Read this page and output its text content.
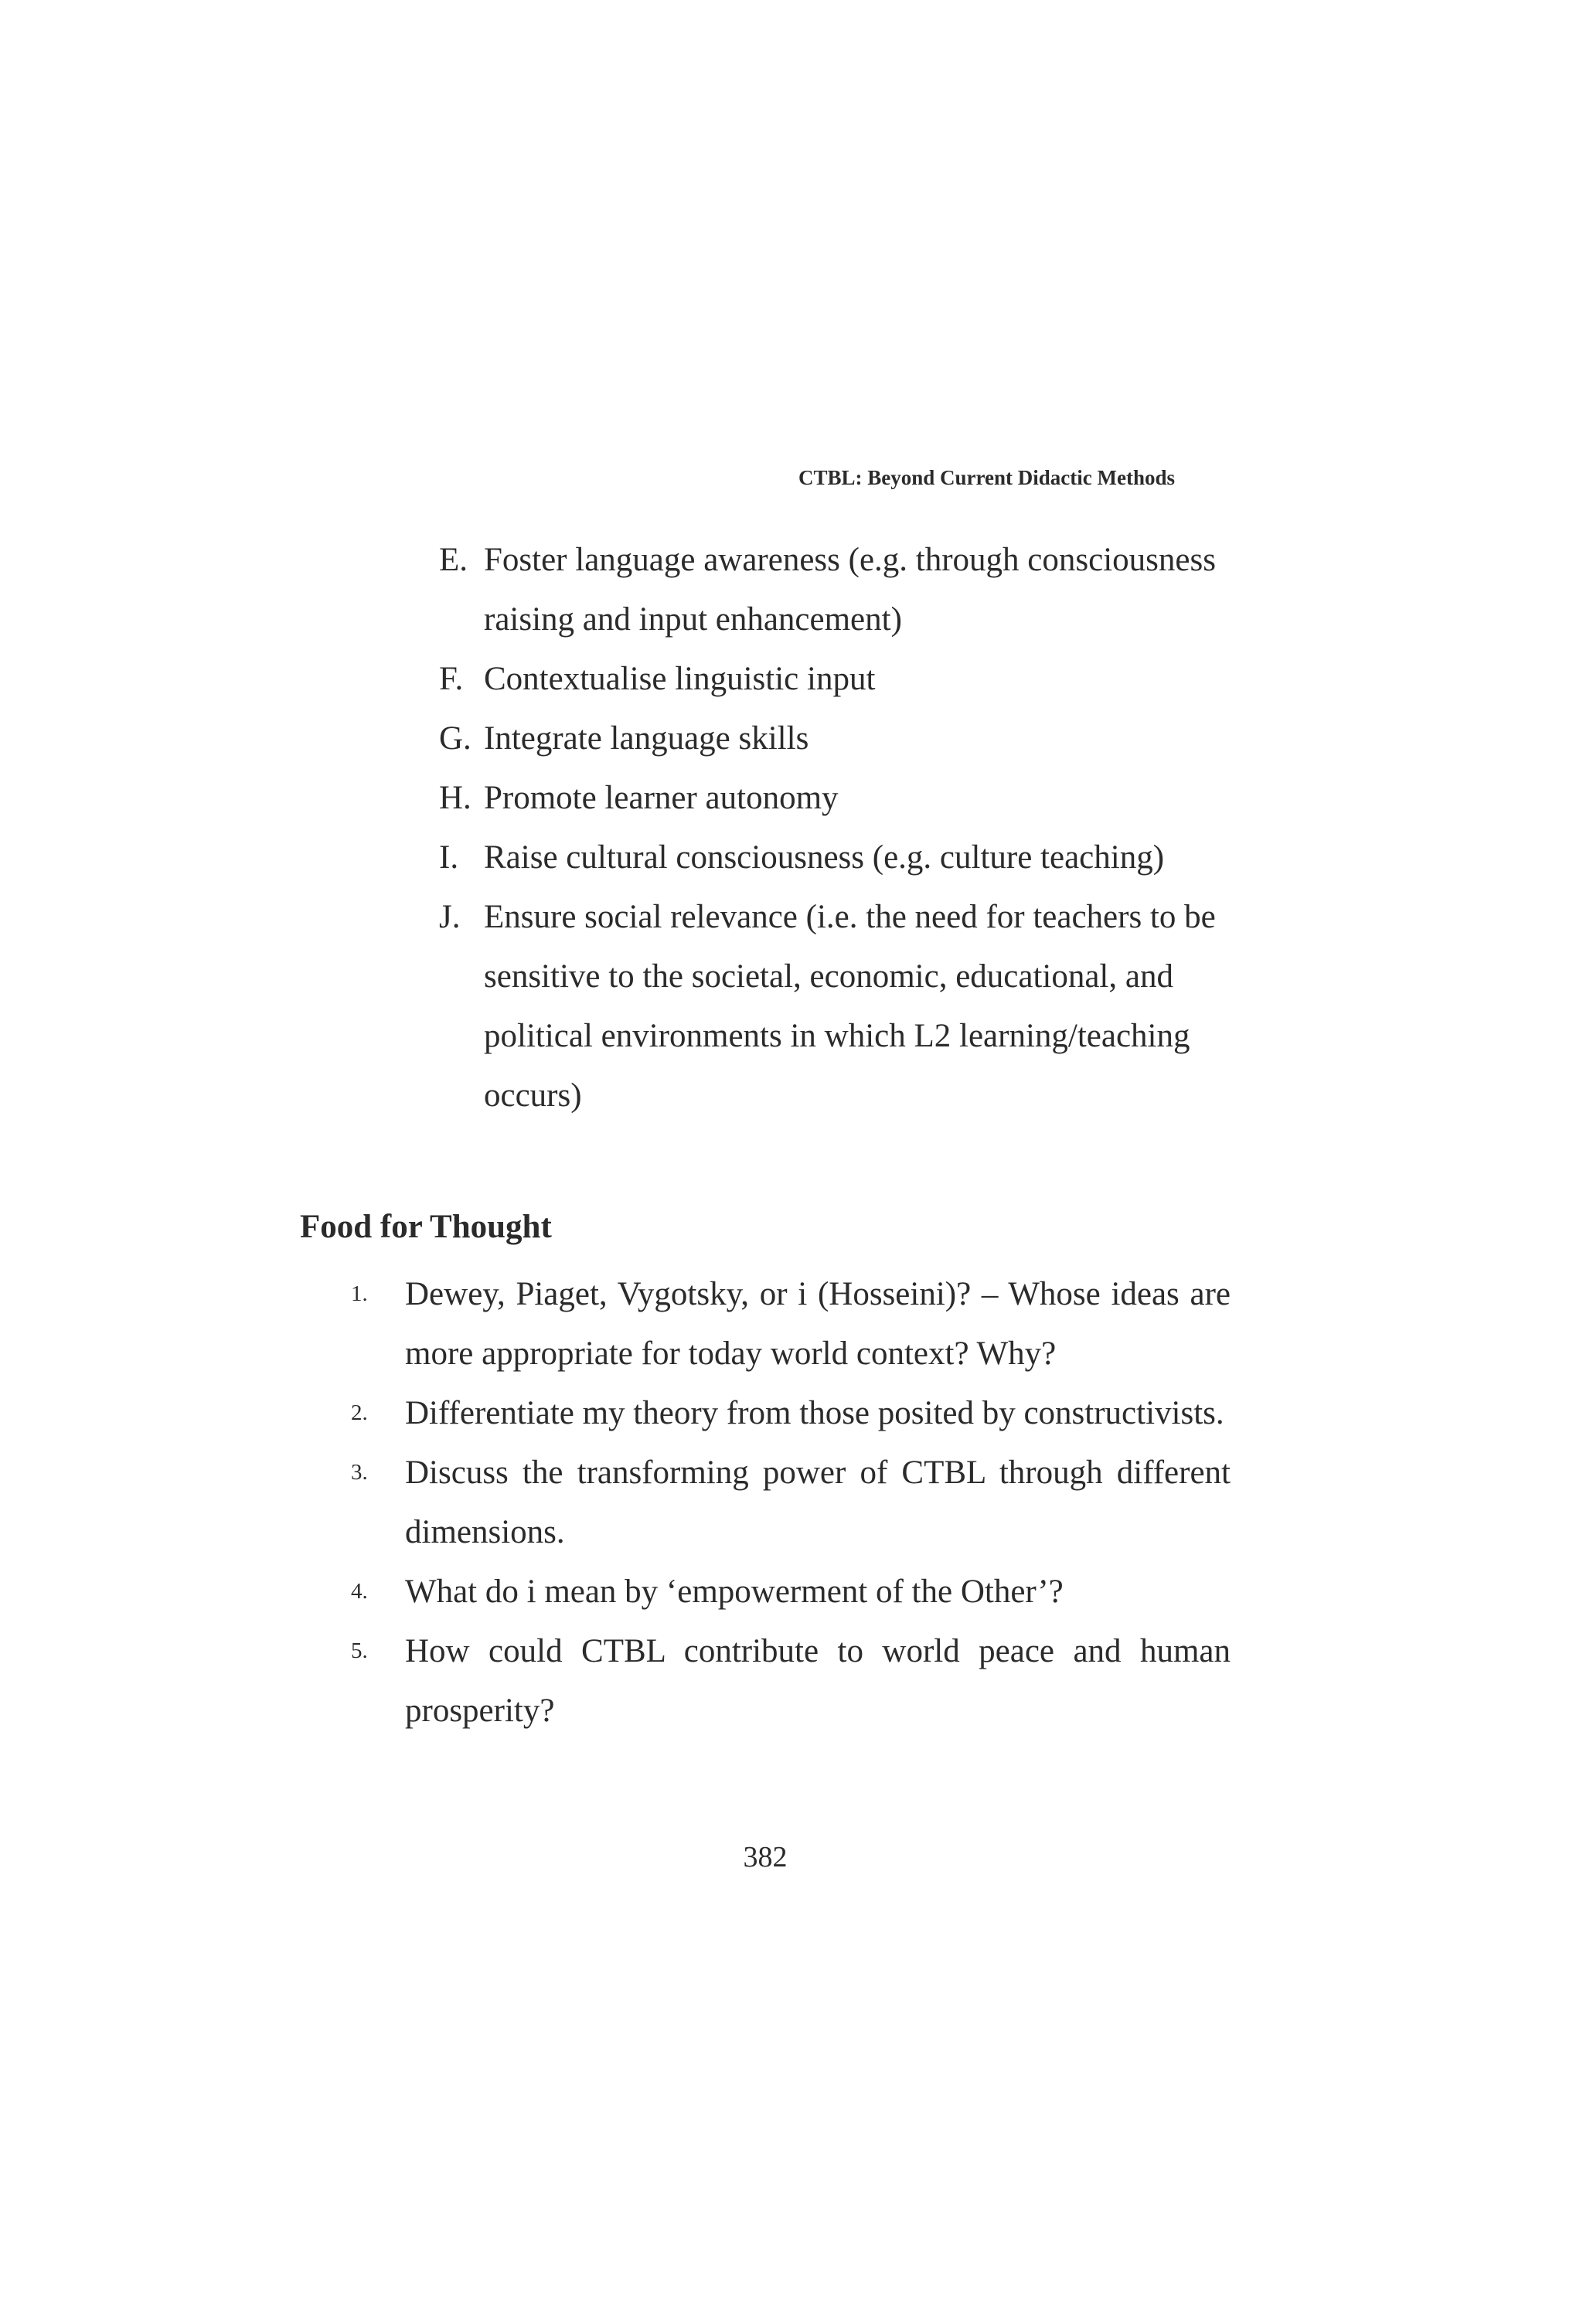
CTBL: Beyond Current Didactic Methods
E. Foster language awareness (e.g. through consciousness raising and input enhancement)
F. Contextualise linguistic input
G. Integrate language skills
H. Promote learner autonomy
I. Raise cultural consciousness (e.g. culture teaching)
J. Ensure social relevance (i.e. the need for teachers to be sensitive to the societal, economic, educational, and political environments in which L2 learning/teaching occurs)
Food for Thought
1. Dewey, Piaget, Vygotsky, or i (Hosseini)? – Whose ideas are more appropriate for today world context? Why?
2. Differentiate my theory from those posited by constructivists.
3. Discuss the transforming power of CTBL through different dimensions.
4. What do i mean by ‘empowerment of the Other’?
5. How could CTBL contribute to world peace and human prosperity?
382
